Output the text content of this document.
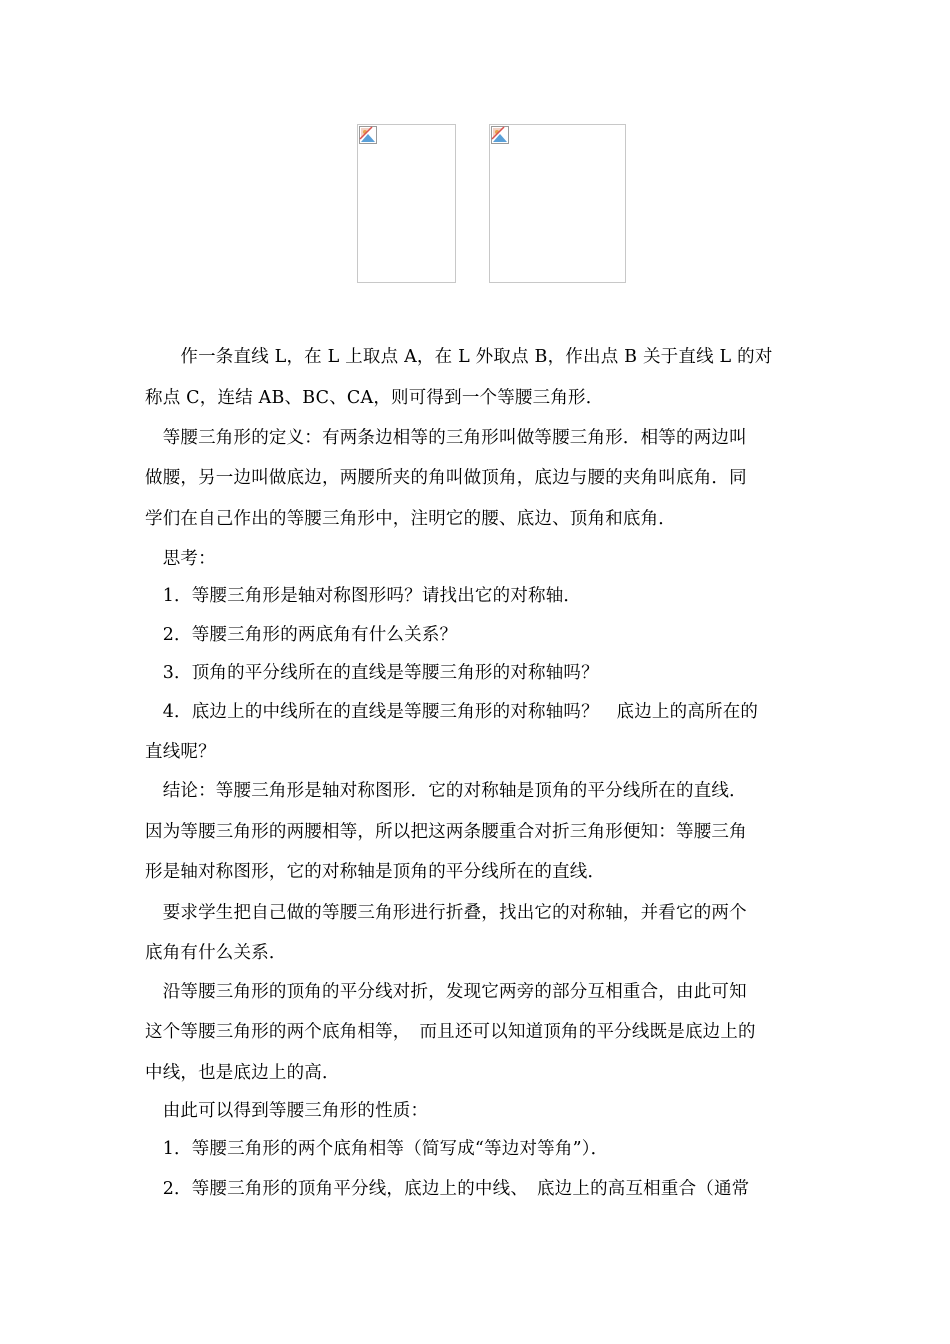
　　作一条直线 L，在 L 上取点 A，在 L 外取点 B，作出点 B 关于直线 L 的对
称点 C，连结 AB、BC、CA，则可得到一个等腰三角形．
　等腰三角形的定义：有两条边相等的三角形叫做等腰三角形．相等的两边叫
做腰，另一边叫做底边，两腰所夹的角叫做顶角，底边与腰的夹角叫底角．同
学们在自己作出的等腰三角形中，注明它的腰、底边、顶角和底角．
　思考：
　1．等腰三角形是轴对称图形吗？请找出它的对称轴．
　2．等腰三角形的两底角有什么关系？
　3．顶角的平分线所在的直线是等腰三角形的对称轴吗？
　4．底边上的中线所在的直线是等腰三角形的对称轴吗？　底边上的高所在的
直线呢？
　结论：等腰三角形是轴对称图形．它的对称轴是顶角的平分线所在的直线．
因为等腰三角形的两腰相等，所以把这两条腰重合对折三角形便知：等腰三角
形是轴对称图形，它的对称轴是顶角的平分线所在的直线．
　要求学生把自己做的等腰三角形进行折叠，找出它的对称轴，并看它的两个
底角有什么关系．
　沿等腰三角形的顶角的平分线对折，发现它两旁的部分互相重合，由此可知
这个等腰三角形的两个底角相等，　而且还可以知道顶角的平分线既是底边上的
中线，也是底边上的高．
　由此可以得到等腰三角形的性质：
　1．等腰三角形的两个底角相等（简写成“等边对等角”）．
　2．等腰三角形的顶角平分线，底边上的中线、　底边上的高互相重合（通常
